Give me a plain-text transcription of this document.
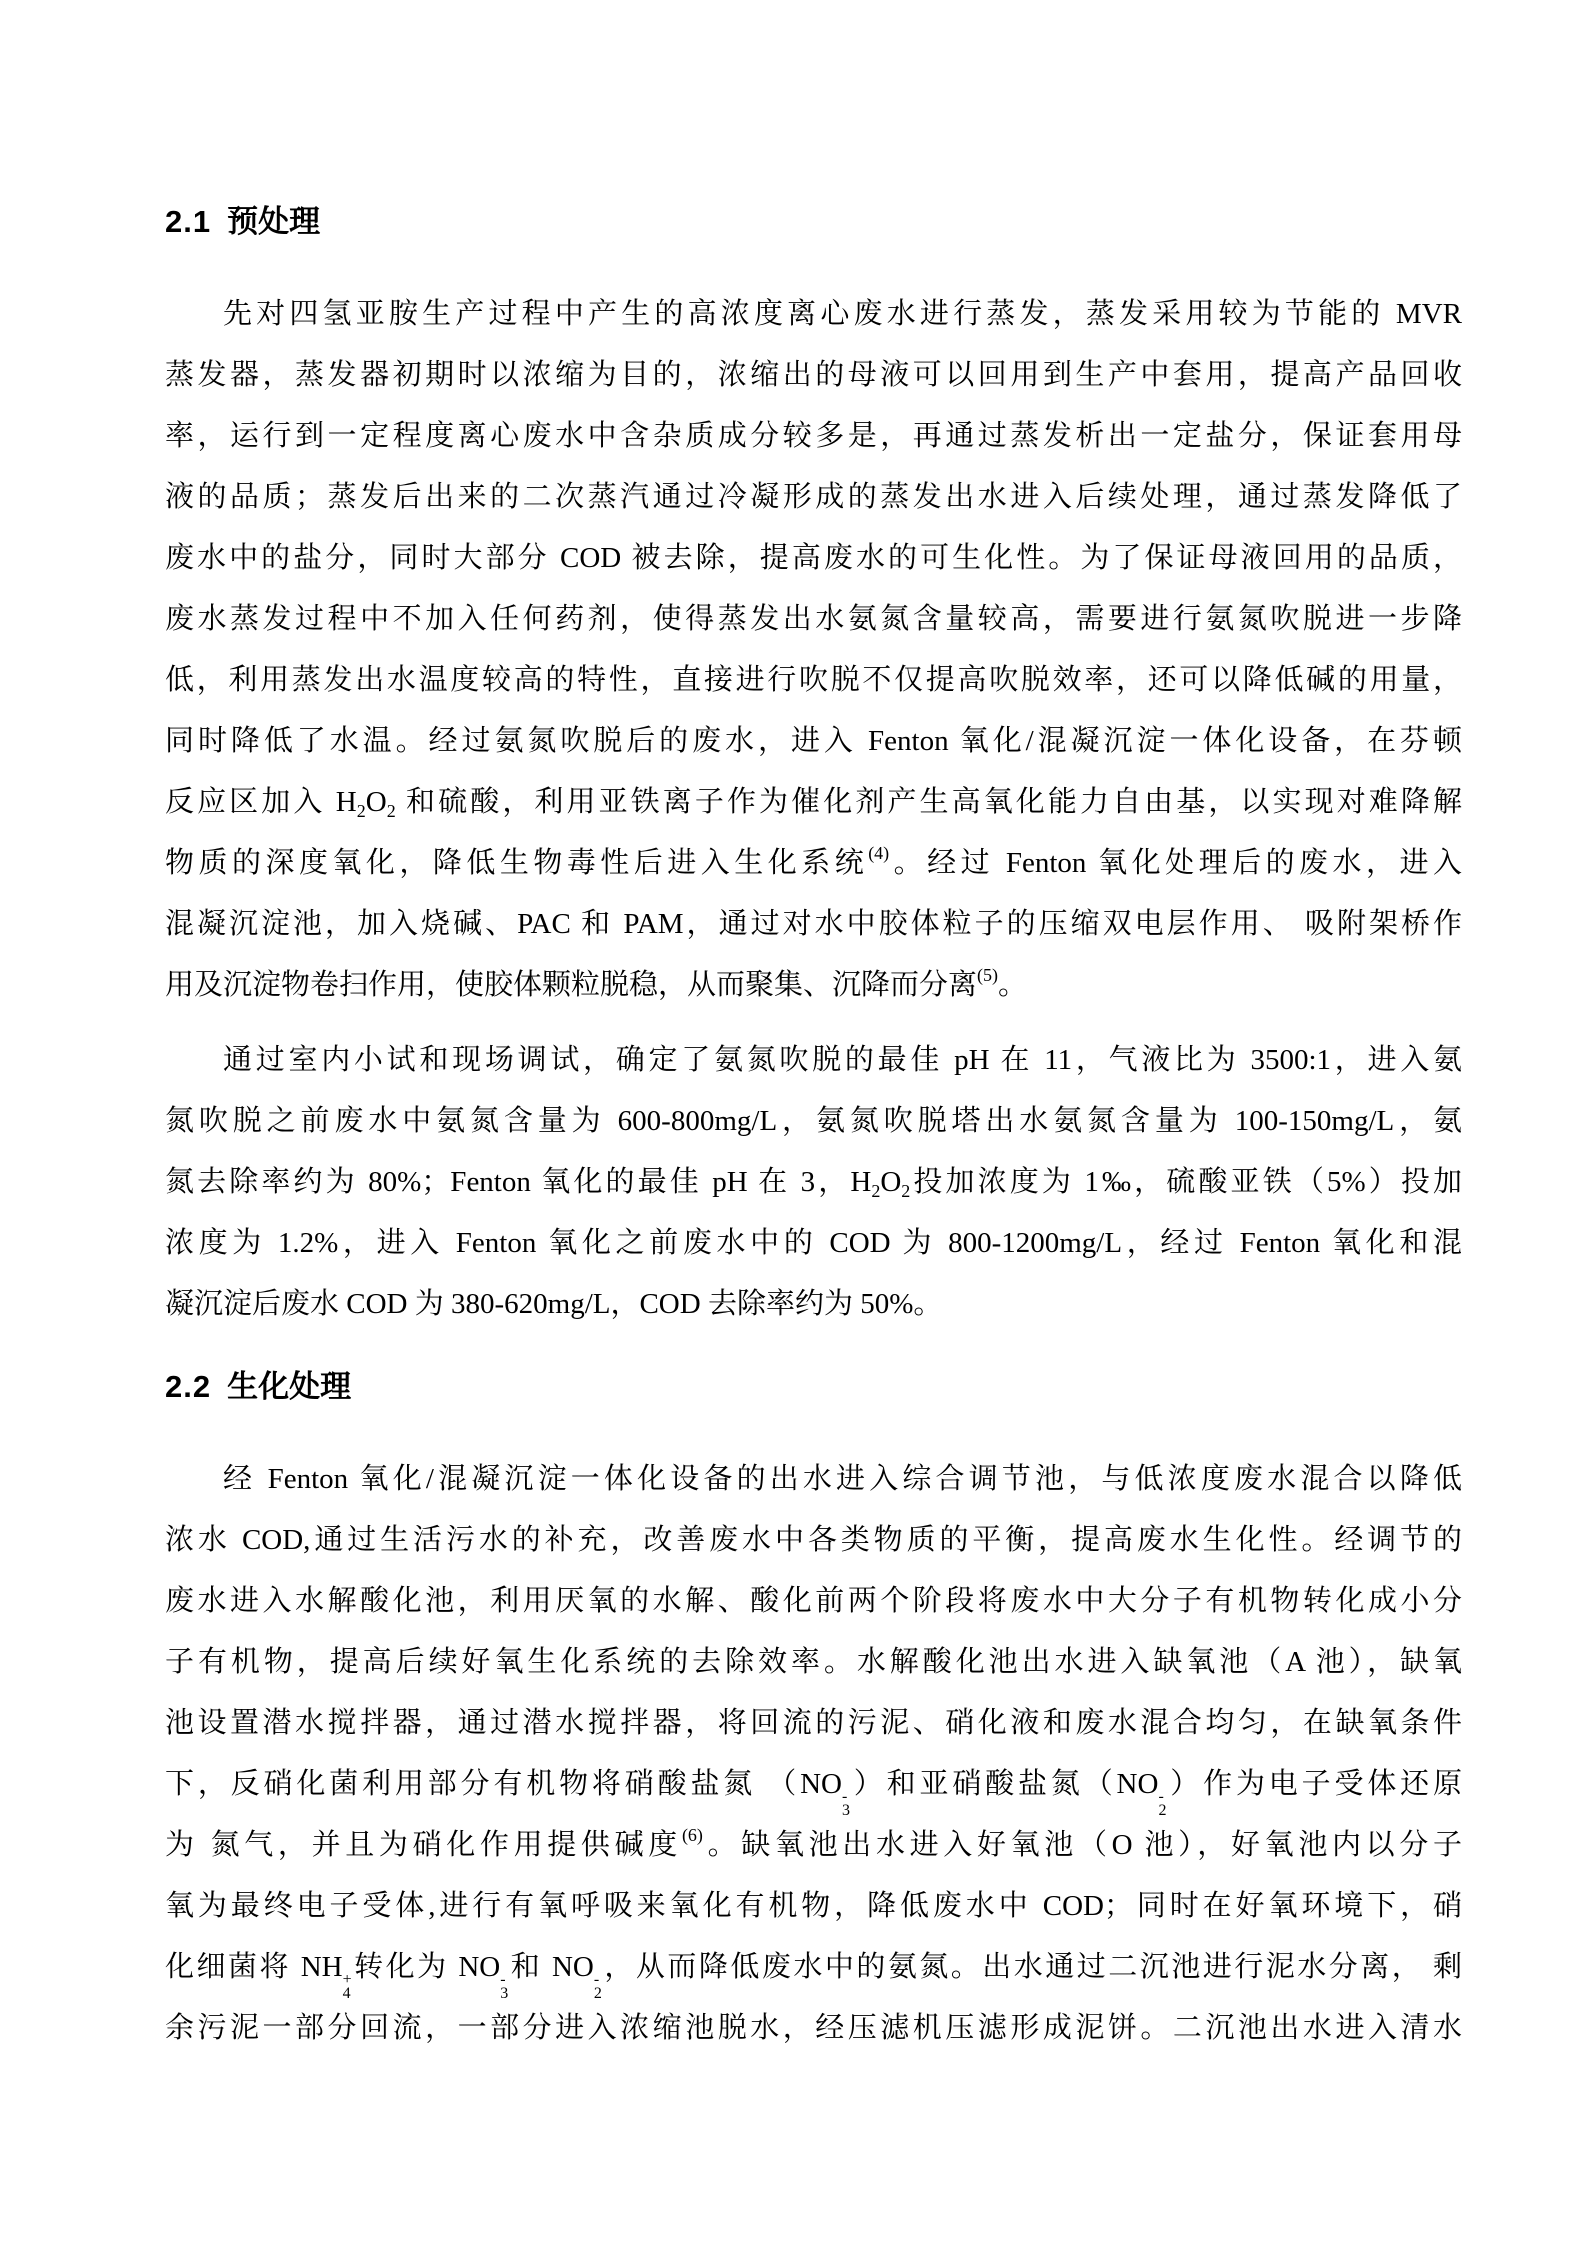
2.1 预处理
先对四氢亚胺生产过程中产生的高浓度离心废水进行蒸发，蒸发采用较为节能的 MVR
蒸发器，蒸发器初期时以浓缩为目的，浓缩出的母液可以回用到生产中套用，提高产品回收
率，运行到一定程度离心废水中含杂质成分较多是，再通过蒸发析出一定盐分，保证套用母
液的品质；蒸发后出来的二次蒸汽通过冷凝形成的蒸发出水进入后续处理，通过蒸发降低了
废水中的盐分，同时大部分 COD 被去除，提高废水的可生化性。为了保证母液回用的品质，
废水蒸发过程中不加入任何药剂，使得蒸发出水氨氮含量较高，需要进行氨氮吹脱进一步降
低，利用蒸发出水温度较高的特性，直接进行吹脱不仅提高吹脱效率，还可以降低碱的用量，
同时降低了水温。经过氨氮吹脱后的废水，进入 Fenton 氧化/混凝沉淀一体化设备，在芬顿
反应区加入 $H_2O_2$ 和硫酸，利用亚铁离子作为催化剂产生高氧化能力自由基，以实现对难降解
物质的深度氧化，降低生物毒性后进入生化系统$^{(4)}$。经过 Fenton 氧化处理后的废水，进入
混凝沉淀池，加入烧碱、PAC 和 PAM，通过对水中胶体粒子的压缩双电层作用、 吸附架桥作
用及沉淀物卷扫作用，使胶体颗粒脱稳，从而聚集、沉降而分离$^{(5)}$。
通过室内小试和现场调试，确定了氨氮吹脱的最佳 pH 在 11，气液比为 3500:1，进入氨
氮吹脱之前废水中氨氮含量为 600-800mg/L，氨氮吹脱塔出水氨氮含量为 100-150mg/L，氨
氮去除率约为 80%；Fenton 氧化的最佳 pH 在 3，$H_2O_2$投加浓度为 1‰，硫酸亚铁（5%）投加
浓度为 1.2%，进入 Fenton 氧化之前废水中的 COD 为 800-1200mg/L，经过 Fenton 氧化和混
凝沉淀后废水 COD 为 380-620mg/L，COD 去除率约为 50%。
2.2 生化处理
经 Fenton 氧化/混凝沉淀一体化设备的出水进入综合调节池，与低浓度废水混合以降低
浓水 COD,通过生活污水的补充，改善废水中各类物质的平衡，提高废水生化性。经调节的
废水进入水解酸化池，利用厌氧的水解、酸化前两个阶段将废水中大分子有机物转化成小分
子有机物，提高后续好氧生化系统的去除效率。水解酸化池出水进入缺氧池（A 池），缺氧
池设置潜水搅拌器，通过潜水搅拌器，将回流的污泥、硝化液和废水混合均匀，在缺氧条件
下，反硝化菌利用部分有机物将硝酸盐氮 （NO -
3
）和亚硝酸盐氮（NO -
2
）作为电子受体还原
为 氮气，并且为硝化作用提供碱度$^{(6)}$。缺氧池出水进入好氧池（O 池），好氧池内以分子
氧为最终电子受体,进行有氧呼吸来氧化有机物，降低废水中 COD；同时在好氧环境下，硝
化细菌将 NH +
4
转化为 NO -
3
和 NO -
2
，从而降低废水中的氨氮。出水通过二沉池进行泥水分离， 剩
余污泥一部分回流，一部分进入浓缩池脱水，经压滤机压滤形成泥饼。二沉池出水进入清水
